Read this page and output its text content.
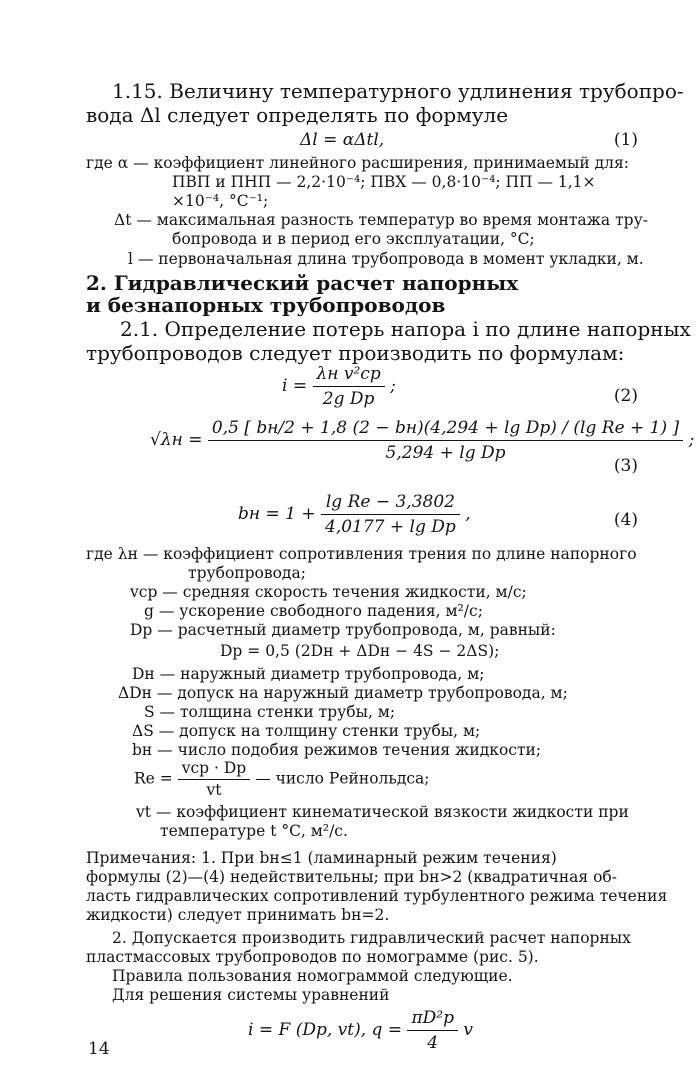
1.15. Величину температурного удлинения трубопро-
вода Δl следует определять по формуле
Δl = αΔtl,	(1)
где α — коэффициент линейного расширения, принимаемый для:
ПВП и ПНП — 2,2·10⁻⁴; ПВХ — 0,8·10⁻⁴; ПП — 1,1×
×10⁻⁴, °С⁻¹;
Δt — максимальная разность температур во время монтажа тру-
бопровода и в период его эксплуатации, °С;
l — первоначальная длина трубопровода в момент укладки, м.
2. Гидравлический расчет напорных
и безнапорных трубопроводов
2.1. Определение потерь напора i по длине напорных
трубопроводов следует производить по формулам:
$i = \frac{\text{λн v²ср}}{\text{2g Dр}}$ ;	(2)
$√\lambda н = \frac{\text{0,5 [ bн/2 + 1,8 (2 − bн)(4,294 + lg Dр) / (lg Re + 1) ]}}{\text{5,294 + lg Dр}}$ ;
(3)
bн = $1 + \frac{\text{lg Re − 3,3802}}{\text{4,0177 + lg Dр}}$ ,	(4)
где λн — коэффициент сопротивления трения по длине напорного
трубопровода;
vср — средняя скорость течения жидкости, м/с;
g — ускорение свободного падения, м²/с;
Dр — расчетный диаметр трубопровода, м, равный:
Dр = 0,5 (2Dн + ΔDн − 4S − 2ΔS);
Dн — наружный диаметр трубопровода, м;
ΔDн — допуск на наружный диаметр трубопровода, м;
S — толщина стенки трубы, м;
ΔS — допуск на толщину стенки трубы, м;
bн — число подобия режимов течения жидкости;
$Re = \frac{\text{vср · Dр}}{vt}$ — число Рейнольдса;
vt — коэффициент кинематической вязкости жидкости при
температуре t °С, м²/с.
Примечания: 1. При bн≤1 (ламинарный режим течения)
формулы (2)—(4) недействительны; при bн>2 (квадратичная об-
ласть гидравлических сопротивлений турбулентного режима течения
жидкости) следует принимать bн=2.
2. Допускается производить гидравлический расчет напорных
пластмассовых трубопроводов по номограмме (рис. 5).
Правила пользования номограммой следующие.
Для решения системы уравнений
i = F (Dр, vt), $q = \frac{\text{πD²р}}{4}$ v
14
